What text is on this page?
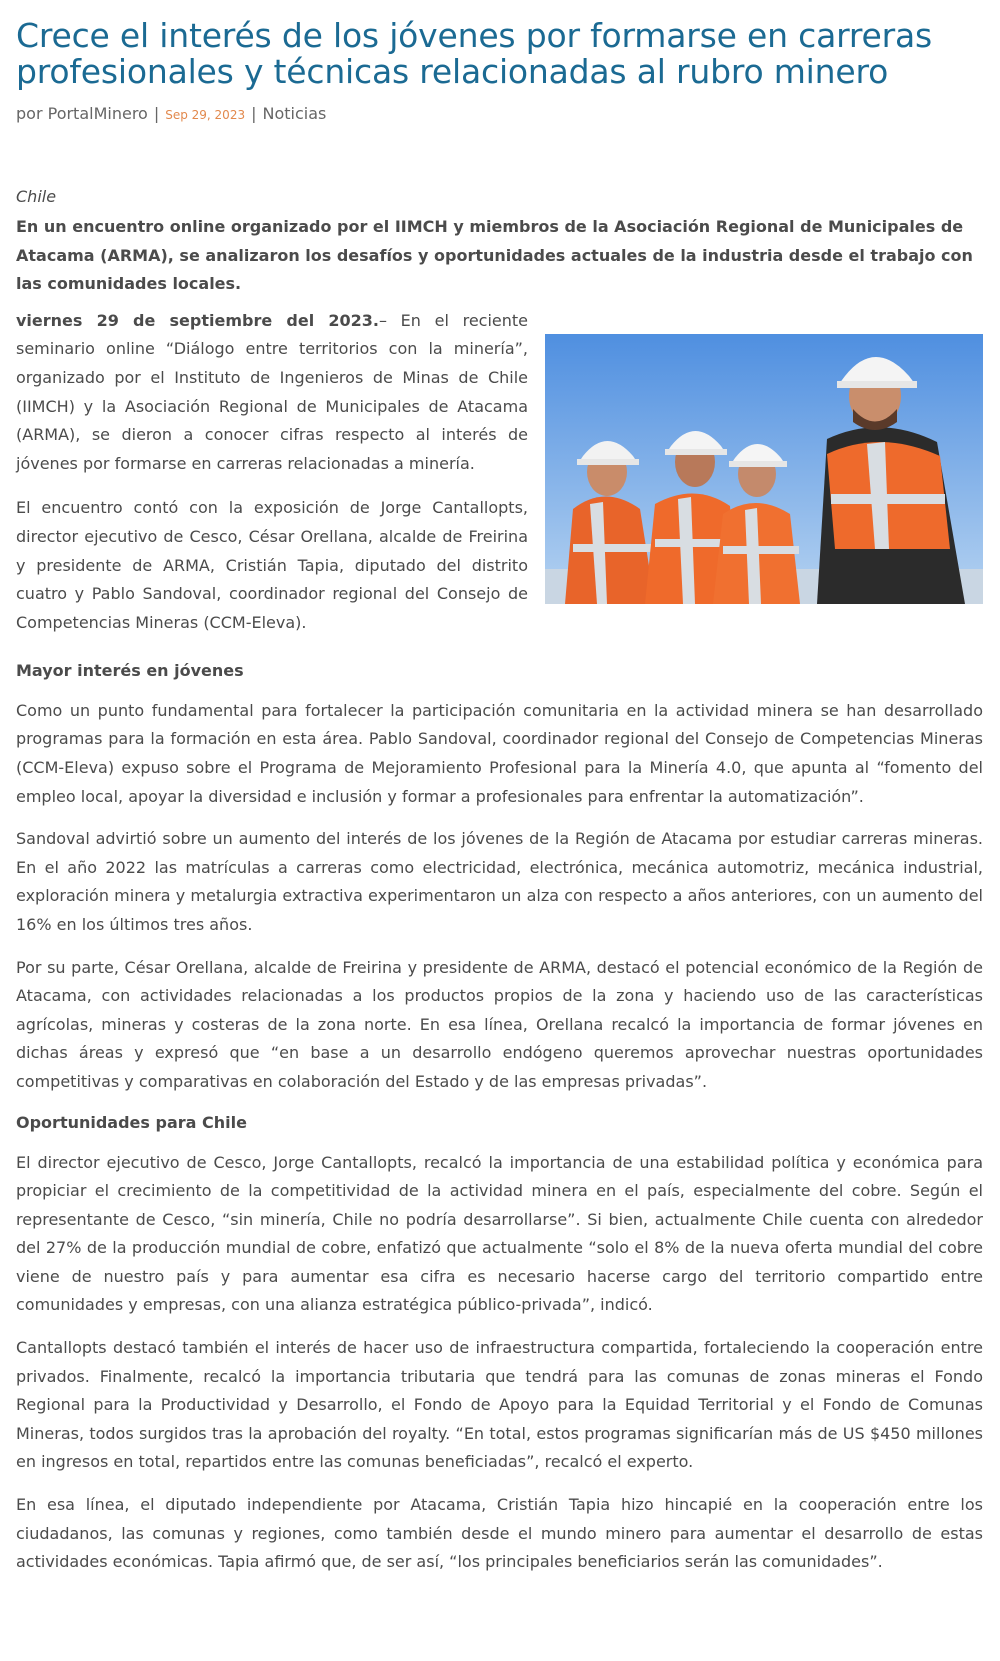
Crece el interés de los jóvenes por formarse en carreras profesionales y técnicas relacionadas al rubro minero
por PortalMinero | Sep 29, 2023 | Noticias
Chile
En un encuentro online organizado por el IIMCH y miembros de la Asociación Regional de Municipales de Atacama (ARMA), se analizaron los desafíos y oportunidades actuales de la industria desde el trabajo con las comunidades locales.

viernes 29 de septiembre del 2023.– En el reciente seminario online “Diálogo entre territorios con la minería”, organizado por el Instituto de Ingenieros de Minas de Chile (IIMCH) y la Asociación Regional de Municipales de Atacama (ARMA), se dieron a conocer cifras respecto al interés de jóvenes por formarse en carreras relacionadas a minería.

El encuentro contó con la exposición de Jorge Cantallopts, director ejecutivo de Cesco, César Orellana, alcalde de Freirina y presidente de ARMA, Cristián Tapia, diputado del distrito cuatro y Pablo Sandoval, coordinador regional del Consejo de Competencias Mineras (CCM-Eleva).

Mayor interés en jóvenes

Como un punto fundamental para fortalecer la participación comunitaria en la actividad minera se han desarrollado programas para la formación en esta área. Pablo Sandoval, coordinador regional del Consejo de Competencias Mineras (CCM-Eleva) expuso sobre el Programa de Mejoramiento Profesional para la Minería 4.0, que apunta al “fomento del empleo local, apoyar la diversidad e inclusión y formar a profesionales para enfrentar la automatización”.

Sandoval advirtió sobre un aumento del interés de los jóvenes de la Región de Atacama por estudiar carreras mineras. En el año 2022 las matrículas a carreras como electricidad, electrónica, mecánica automotriz, mecánica industrial, exploración minera y metalurgia extractiva experimentaron un alza con respecto a años anteriores, con un aumento del 16% en los últimos tres años.

Por su parte, César Orellana, alcalde de Freirina y presidente de ARMA, destacó el potencial económico de la Región de Atacama, con actividades relacionadas a los productos propios de la zona y haciendo uso de las características agrícolas, mineras y costeras de la zona norte. En esa línea, Orellana recalcó la importancia de formar jóvenes en dichas áreas y expresó que “en base a un desarrollo endógeno queremos aprovechar nuestras oportunidades competitivas y comparativas en colaboración del Estado y de las empresas privadas”.

Oportunidades para Chile

El director ejecutivo de Cesco, Jorge Cantallopts, recalcó la importancia de una estabilidad política y económica para propiciar el crecimiento de la competitividad de la actividad minera en el país, especialmente del cobre. Según el representante de Cesco, “sin minería, Chile no podría desarrollarse”. Si bien, actualmente Chile cuenta con alrededor del 27% de la producción mundial de cobre, enfatizó que actualmente “solo el 8% de la nueva oferta mundial del cobre viene de nuestro país y para aumentar esa cifra es necesario hacerse cargo del territorio compartido entre comunidades y empresas, con una alianza estratégica público-privada”, indicó.

Cantallopts destacó también el interés de hacer uso de infraestructura compartida, fortaleciendo la cooperación entre privados. Finalmente, recalcó la importancia tributaria que tendrá para las comunas de zonas mineras el Fondo Regional para la Productividad y Desarrollo, el Fondo de Apoyo para la Equidad Territorial y el Fondo de Comunas Mineras, todos surgidos tras la aprobación del royalty. “En total, estos programas significarían más de US $450 millones en ingresos en total, repartidos entre las comunas beneficiadas”, recalcó el experto.

En esa línea, el diputado independiente por Atacama, Cristián Tapia hizo hincapié en la cooperación entre los ciudadanos, las comunas y regiones, como también desde el mundo minero para aumentar el desarrollo de estas actividades económicas. Tapia afirmó que, de ser así, “los principales beneficiarios serán las comunidades”.
